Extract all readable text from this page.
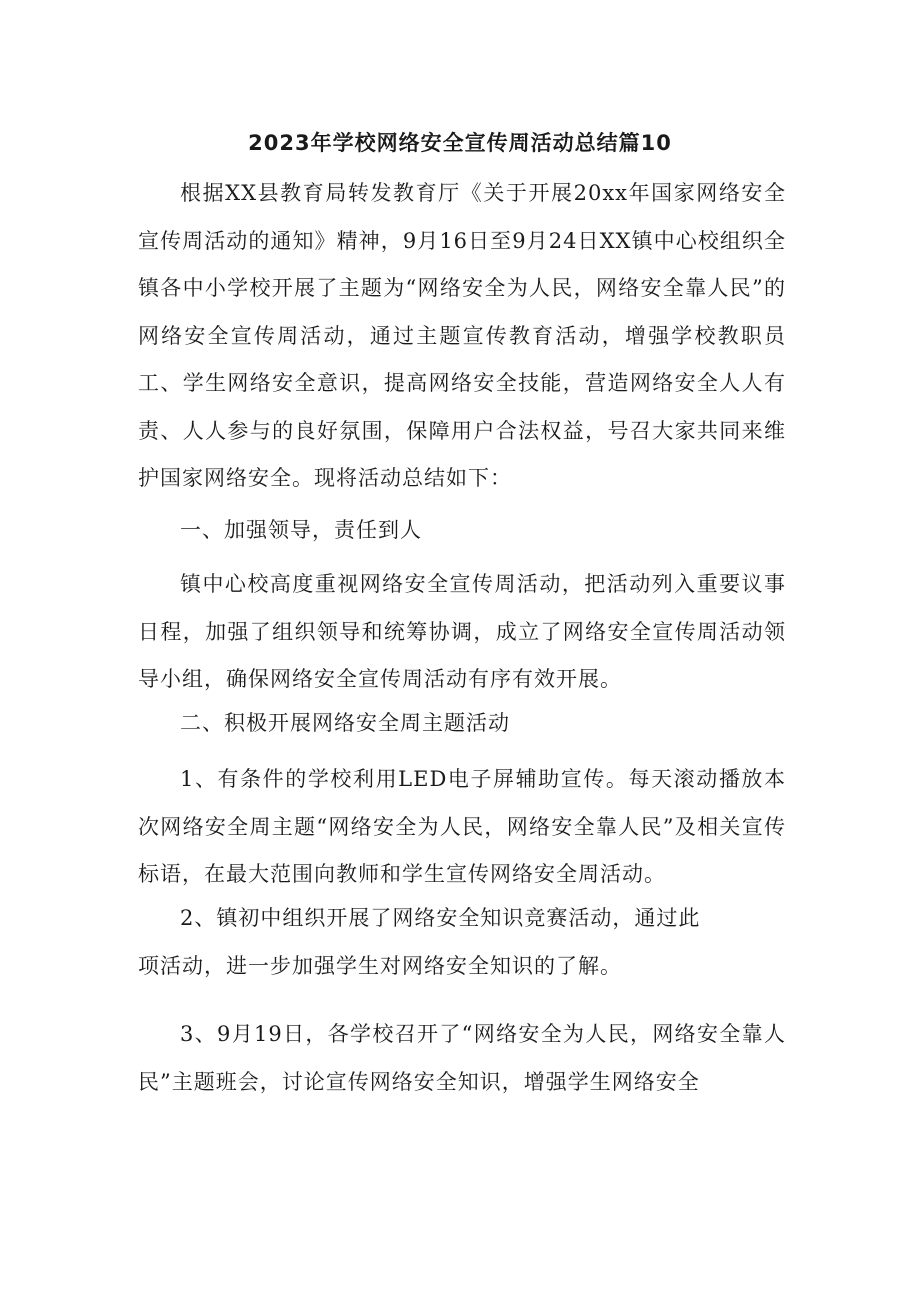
2023年学校网络安全宣传周活动总结篇10

根据XX县教育局转发教育厅《关于开展20xx年国家网络安全宣传周活动的通知》精神，9月16日至9月24日XX镇中心校组织全镇各中小学校开展了主题为“网络安全为人民，网络安全靠人民”的网络安全宣传周活动，通过主题宣传教育活动，增强学校教职员工、学生网络安全意识，提高网络安全技能，营造网络安全人人有责、人人参与的良好氛围，保障用户合法权益，号召大家共同来维护国家网络安全。现将活动总结如下：

一、加强领导，责任到人

镇中心校高度重视网络安全宣传周活动，把活动列入重要议事日程，加强了组织领导和统筹协调，成立了网络安全宣传周活动领导小组，确保网络安全宣传周活动有序有效开展。

二、积极开展网络安全周主题活动

1、有条件的学校利用LED电子屏辅助宣传。每天滚动播放本次网络安全周主题“网络安全为人民，网络安全靠人民”及相关宣传标语，在最大范围向教师和学生宣传网络安全周活动。

2、镇初中组织开展了网络安全知识竞赛活动，通过此

项活动，进一步加强学生对网络安全知识的了解。

3、9月19日，各学校召开了“网络安全为人民，网络安全靠人民”主题班会，讨论宣传网络安全知识，增强学生网络安全
